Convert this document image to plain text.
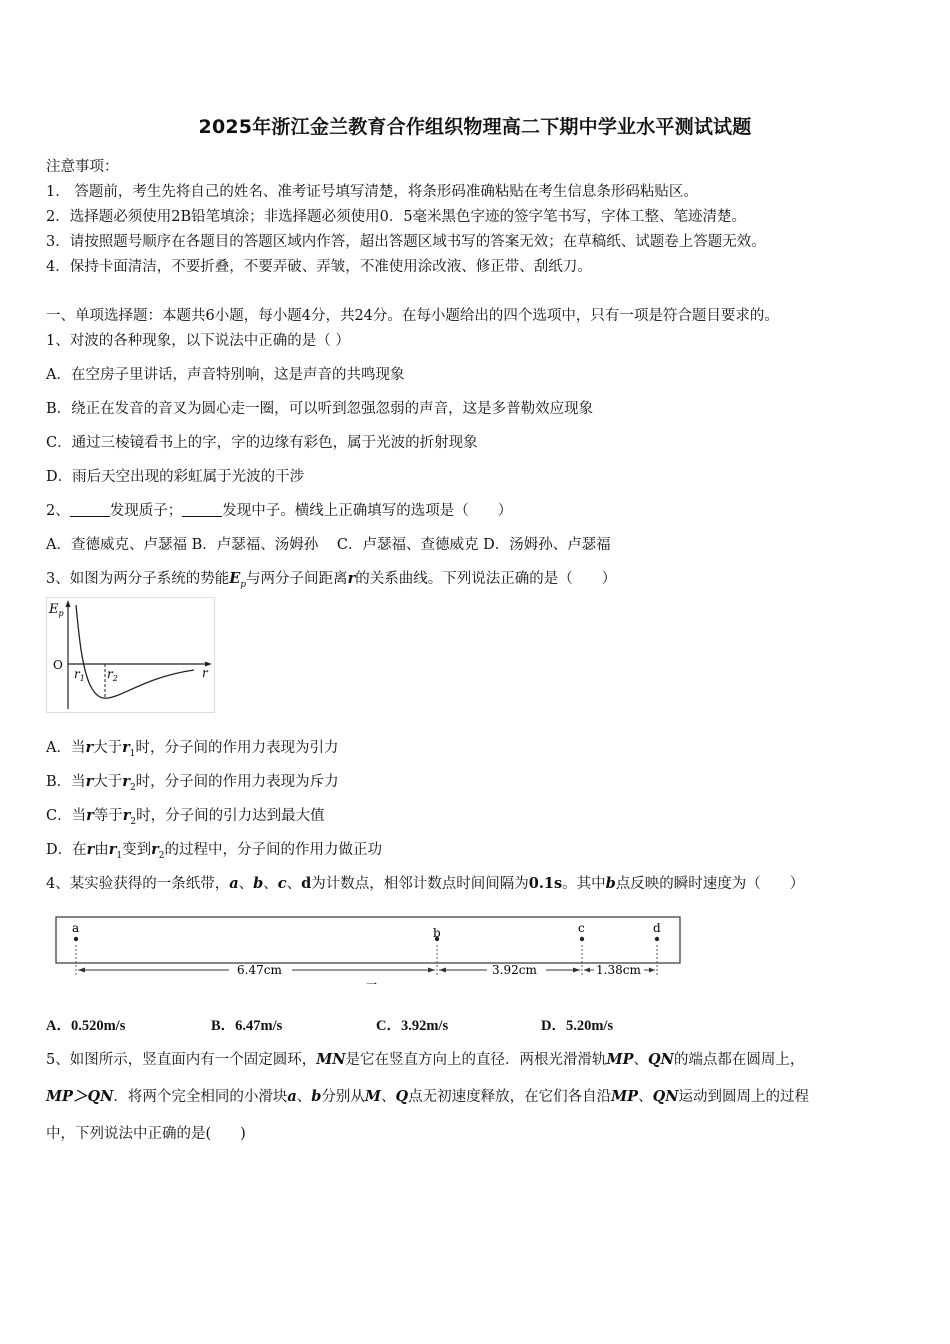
2025年浙江金兰教育合作组织物理高二下期中学业水平测试试题
注意事项：
1． 答题前，考生先将自己的姓名、准考证号填写清楚，将条形码准确粘贴在考生信息条形码粘贴区。
2．选择题必须使用2B铅笔填涂；非选择题必须使用0．5毫米黑色字迹的签字笔书写，字体工整、笔迹清楚。
3．请按照题号顺序在各题目的答题区域内作答，超出答题区域书写的答案无效；在草稿纸、试题卷上答题无效。
4．保持卡面清洁，不要折叠，不要弄破、弄皱，不准使用涂改液、修正带、刮纸刀。
一、单项选择题：本题共6小题，每小题4分，共24分。在每小题给出的四个选项中，只有一项是符合题目要求的。
1、对波的各种现象，以下说法中正确的是（ ）
A．在空房子里讲话，声音特别响，这是声音的共鸣现象
B．绕正在发音的音叉为圆心走一圈，可以听到忽强忽弱的声音，这是多普勒效应现象
C．通过三棱镜看书上的字，字的边缘有彩色，属于光波的折射现象
D．雨后天空出现的彩虹属于光波的干涉
2、	发现质子；	发现中子。横线上正确填写的选项是（　　）
A．查德威克、卢瑟福 B．卢瑟福、汤姆孙 C．卢瑟福、查德威克 D．汤姆孙、卢瑟福
3、如图为两分子系统的势能$E_p$与两分子间距离r的关系曲线。下列说法正确的是（　　）
$E_p$
O
$r_1$ $r_2$	r
A．当r大于$r_1$时，分子间的作用力表现为引力
B．当r大于$r_2$时，分子间的作用力表现为斥力
C．当r等于$r_2$时，分子间的引力达到最大值
D．在r由$r_1$变到$r_2$的过程中，分子间的作用力做正功
4、某实验获得的一条纸带，a、b、c、d为计数点，相邻计数点时间间隔为0.1s。其中b点反映的瞬时速度为（　　）
a	b	c	d
6.47cm	3.92cm	1.38cm
一
A．0.520m/s	B．6.47m/s	C．3.92m/s	D．5.20m/s
5、如图所示，竖直面内有一个固定圆环，MN是它在竖直方向上的直径．两根光滑滑轨MP、QN的端点都在圆周上，
MP＞QN．将两个完全相同的小滑块a、b分别从M、Q点无初速度释放，在它们各自沿MP、QN运动到圆周上的过程
中，下列说法中正确的是(　　)
